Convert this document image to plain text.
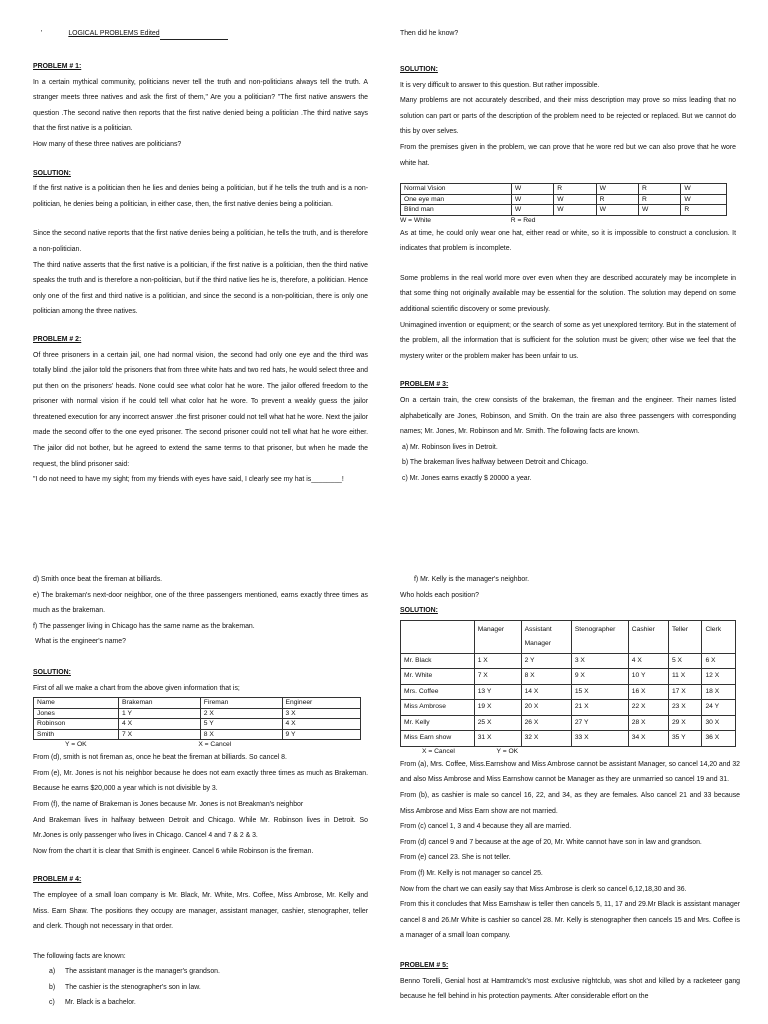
'	LOGICAL PROBLEMS Edited

PROBLEM # 1:

In a certain mythical community, politicians never tell the truth and non-politicians always tell the truth. A stranger meets three natives and ask the first of them," Are you a politician? "The first native answers the question .The second native then reports that the first native denied being a politician .The third native says that the first native is a politician.

How many of these three natives are politicians?

SOLUTION:

If the first native is a politician then he lies and denies being a politician, but if he tells the truth and is a non-politician, he denies being a politician, in either case, then, the first native denies being a politician.

Since the second native reports that the first native denies being a politician, he tells the truth, and is therefore a non-politician.

The third native asserts that the first native is a politician, if the first native is a politician, then the third native speaks the truth and is therefore a non-politician, but if the third native lies he is, therefore, a politician. Hence only one of the first and third native is a politician, and since the second is a non-politician, there is only one politician among the three natives.

PROBLEM # 2:

Of three prisoners in a certain jail, one had normal vision, the second had only one eye and the third was totally blind .the jailor told the prisoners that from three white hats and two red hats, he would select three and put then on the prisoners' heads. None could see what color hat he wore. The jailor offered freedom to the prisoner with normal vision if he could tell what color hat he wore. To prevent a weakly guess the jailor threatened execution for any incorrect answer .the first prisoner could not tell what hat he wore. Next the jailor made the second offer to the one eyed prisoner. The second prisoner could not tell what hat he wore either. The jailor did not bother, but he agreed to extend the same terms to that prisoner, but when he made the request, the blind prisoner said:

"I do not need to have my sight; from my friends with eyes have said, I clearly see my hat is________!

Then did he know?

SOLUTION:

It is very difficult to answer to this question. But rather impossible.

Many problems are not accurately described, and their miss description may prove so miss leading that no solution can part or parts of the description of the problem need to be rejected or replaced. But we cannot do this by over selves.

From the premises given in the problem, we can prove that he wore red but we can also prove that he wore white hat.

Normal Vision	W	R	W	R	W
One eye man	W	W	R	R	W
Blind man	W	W	W	W	R
W = White	R = Red

As at time, he could only wear one hat, either read or white, so it is impossible to construct a conclusion. It indicates that problem is incomplete.

Some problems in the real world more over even when they are described accurately may be incomplete in that some thing not originally available may be essential for the solution. The solution may depend on some additional scientific discovery or some previously.

Unimagined invention or equipment; or the search of some as yet unexplored territory. But in the statement of the problem, all the information that is sufficient for the solution must be given; other wise we feel that the mystery writer or the problem maker has been unfair to us.

PROBLEM # 3:

On a certain train, the crew consists of the brakeman, the fireman and the engineer. Their names listed alphabetically are Jones, Robinson, and Smith. On the train are also three passengers with corresponding names; Mr. Jones, Mr. Robinson and Mr. Smith. The following facts are known.

a) Mr. Robinson lives in Detroit.

b) The brakeman lives halfway between Detroit and Chicago.

c) Mr. Jones earns exactly $ 20000 a year.

d) Smith once beat the fireman at billiards.

e) The brakeman's next-door neighbor, one of the three passengers mentioned, earns exactly three times as much as the brakeman.

f) The passenger living in Chicago has the same name as the brakeman.

What is the engineer's name?

SOLUTION:

First of all we make a chart from the above given information that is;

Name	Brakeman	Fireman	Engineer
Jones	1 Y	2 X	3 X
Robinson	4 X	5 Y	4 X
Smith	7 X	8 X	9 Y
Y = OK	X = Cancel

From (d), smith is not fireman as, once he beat the fireman at billiards. So cancel 8.

From (e), Mr. Jones is not his neighbor because he does not earn exactly three times as much as Brakeman. Because he earns $20,000 a year which is not divisible by 3.

From (f), the name of Brakeman is Jones because Mr. Jones is not Breakman's neighbor

And Brakeman lives in halfway between Detroit and Chicago. While Mr. Robinson lives in Detroit. So Mr.Jones is only passenger who lives in Chicago. Cancel 4 and 7 & 2 & 3.

Now from the chart it is clear that Smith is engineer. Cancel 6 while Robinson is the fireman.

PROBLEM # 4:

The employee of a small loan company is Mr. Black, Mr. White, Mrs. Coffee, Miss Ambrose, Mr. Kelly and Miss. Earn Shaw. The positions they occupy are manager, assistant manager, cashier, stenographer, teller and clerk. Though not necessary in that order.

The following facts are known:

a) The assistant manager is the manager's grandson.
b) The cashier is the stenographer's son in law.
c) Mr. Black is a bachelor.

f) Mr. Kelly is the manager's neighbor.

Who holds each position?

SOLUTION:

	Manager	Assistant Manager	Stenographer	Cashier	Teller	Clerk
Mr. Black	1 X	2 Y	3 X	4 X	5 X	6 X
Mr. White	7 X	8 X	9 X	10 Y	11 X	12 X
Mrs. Coffee	13 Y	14 X	15 X	16 X	17 X	18 X
Miss Ambrose	19 X	20 X	21 X	22 X	23 X	24 Y
Mr. Kelly	25 X	26 X	27 Y	28 X	29 X	30 X
Miss Earn show	31 X	32 X	33 X	34 X	35 Y	36 X
X = Cancel	Y = OK

From (a), Mrs. Coffee, Miss.Earnshow and Miss Ambrose cannot be assistant Manager, so cancel 14,20 and 32 and also Miss Ambrose and Miss Earnshow cannot be Manager as they are unmarried so cancel 19 and 31.

From (b), as cashier is male so cancel 16, 22, and 34, as they are females. Also cancel 21 and 33 because Miss Ambrose and Miss Earn show are not married.

From (c) cancel 1, 3 and 4 because they all are married.

From (d) cancel 9 and 7 because at the age of 20, Mr. White cannot have son in law and grandson.

From (e) cancel 23. She is not teller.

From (f) Mr. Kelly is not manager so cancel 25.

Now from the chart we can easily say that Miss Ambrose is clerk so cancel 6,12,18,30 and 36.

From this it concludes that Miss Earnshaw is teller then cancels 5, 11, 17 and 29.Mr Black is assistant manager cancel 8 and 26.Mr White is cashier so cancel 28. Mr. Kelly is stenographer then cancels 15 and Mrs. Coffee is a manager of a small loan company.

PROBLEM # 5:

Benno Torelli, Genial host at Hamtramck's most exclusive nightclub, was shot and killed by a racketeer gang because he fell behind in his protection payments. After considerable effort on the
